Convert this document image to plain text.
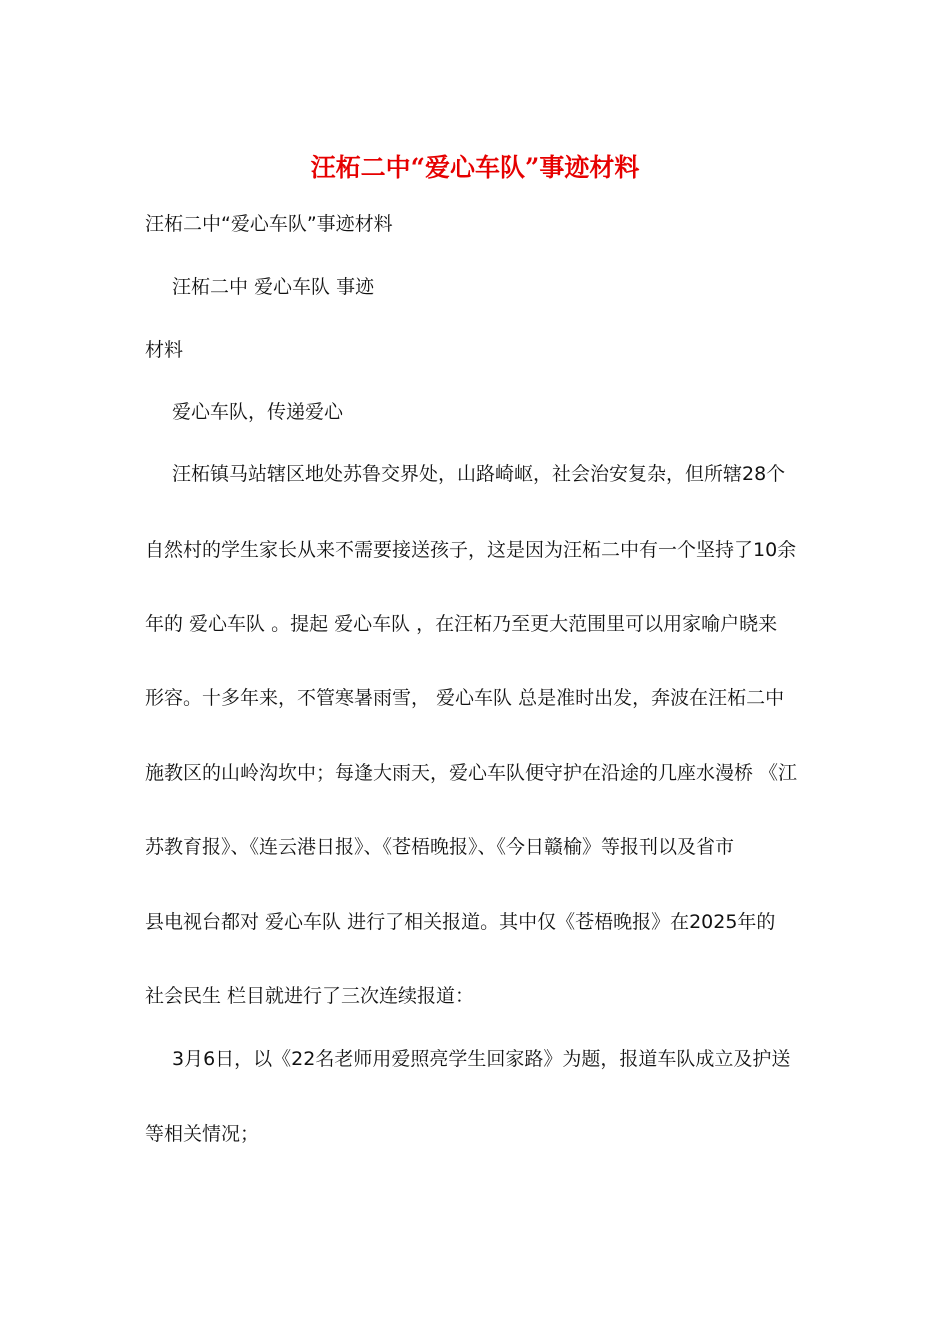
汪柘二中“爱心车队”事迹材料

汪柘二中“爱心车队”事迹材料

汪柘二中 爱心车队 事迹

材料

爱心车队，传递爱心

汪柘镇马站辖区地处苏鲁交界处，山路崎岖，社会治安复杂，但所辖28个

自然村的学生家长从来不需要接送孩子，这是因为汪柘二中有一个坚持了10余

年的 爱心车队 。提起 爱心车队 ，在汪柘乃至更大范围里可以用家喻户晓来

形容。十多年来，不管寒暑雨雪， 爱心车队 总是准时出发，奔波在汪柘二中

施教区的山岭沟坎中；每逢大雨天，爱心车队便守护在沿途的几座水漫桥 《江

苏教育报》、《连云港日报》、《苍梧晚报》、《今日赣榆》等报刊以及省市

县电视台都对 爱心车队 进行了相关报道。其中仅《苍梧晚报》在2025年的

社会民生 栏目就进行了三次连续报道：

3月6日，以《22名老师用爱照亮学生回家路》为题，报道车队成立及护送

等相关情况；
